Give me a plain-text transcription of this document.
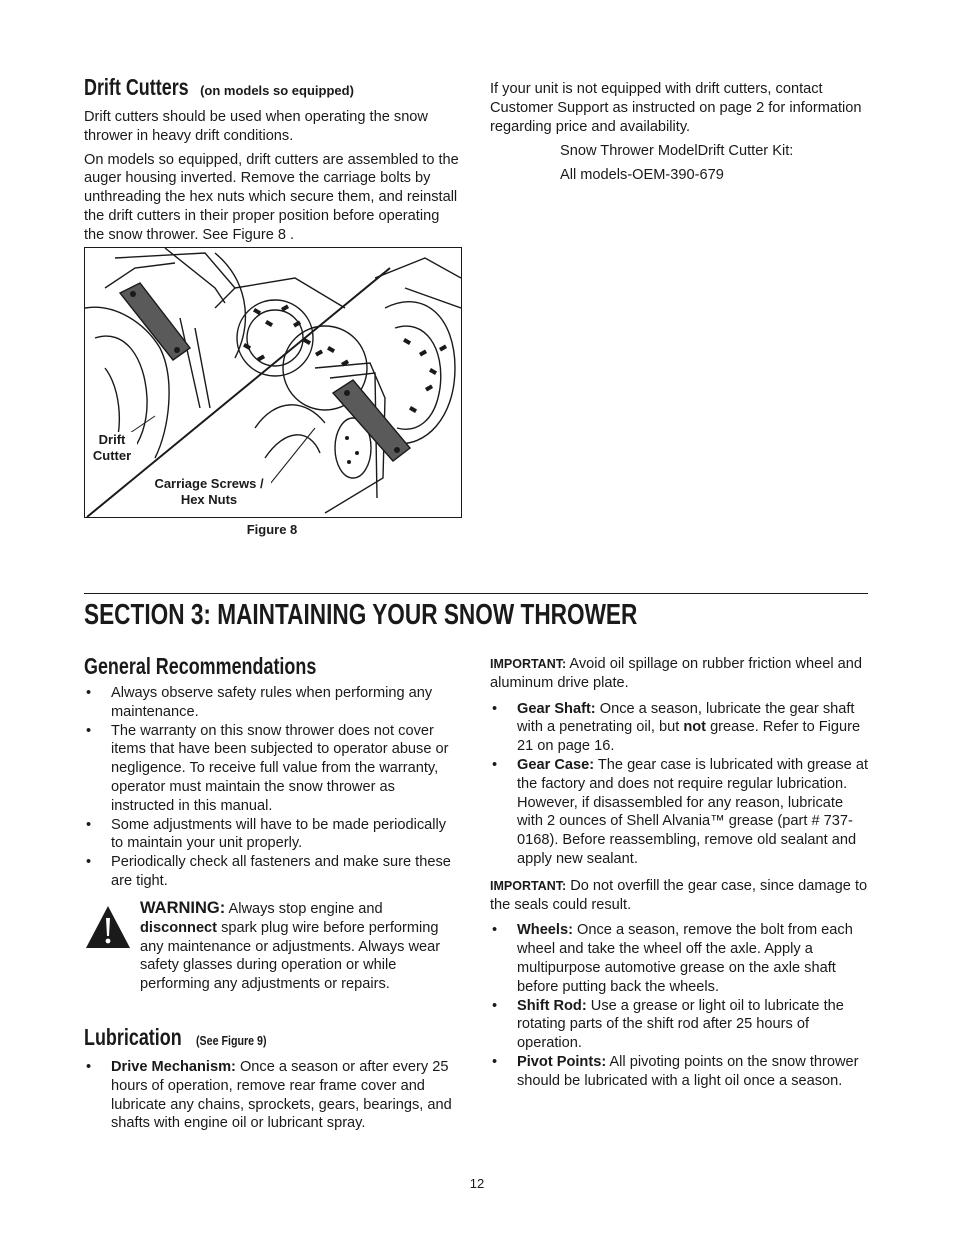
Drift Cutters (on models so equipped)

Drift cutters should be used when operating the snow thrower in heavy drift conditions.

On models so equipped, drift cutters are assembled to the auger housing inverted. Remove the carriage bolts by unthreading the hex nuts which secure them, and reinstall the drift cutters in their proper position before operating the snow thrower. See Figure 8 .

Drift
Cutter
Carriage Screws /
Hex Nuts
Figure 8

If your unit is not equipped with drift cutters, contact Customer Support as instructed on page 2 for information regarding price and availability.

Snow Thrower ModelDrift Cutter Kit:

All models-OEM-390-679

SECTION 3: MAINTAINING YOUR SNOW THROWER
General Recommendations
• Always observe safety rules when performing any maintenance.
• The warranty on this snow thrower does not cover items that have been subjected to operator abuse or negligence. To receive full value from the warranty, operator must maintain the snow thrower as instructed in this manual.
• Some adjustments will have to be made periodically to maintain your unit properly.
• Periodically check all fasteners and make sure these are tight.

WARNING: Always stop engine and disconnect spark plug wire before performing any maintenance or adjustments. Always wear safety glasses during operation or while performing any adjustments or repairs.

Lubrication (See Figure 9)
• Drive Mechanism: Once a season or after every 25 hours of operation, remove rear frame cover and lubricate any chains, sprockets, gears, bearings, and shafts with engine oil or lubricant spray.

IMPORTANT: Avoid oil spillage on rubber friction wheel and aluminum drive plate.

• Gear Shaft: Once a season, lubricate the gear shaft with a penetrating oil, but not grease. Refer to Figure 21 on page 16.
• Gear Case: The gear case is lubricated with grease at the factory and does not require regular lubrication. However, if disassembled for any reason, lubricate with 2 ounces of Shell Alvania™ grease (part # 737-0168). Before reassembling, remove old sealant and apply new sealant.

IMPORTANT: Do not overfill the gear case, since damage to the seals could result.

• Wheels: Once a season, remove the bolt from each wheel and take the wheel off the axle. Apply a multipurpose automotive grease on the axle shaft before putting back the wheels.
• Shift Rod: Use a grease or light oil to lubricate the rotating parts of the shift rod after 25 hours of operation.
• Pivot Points: All pivoting points on the snow thrower should be lubricated with a light oil once a season.
12
